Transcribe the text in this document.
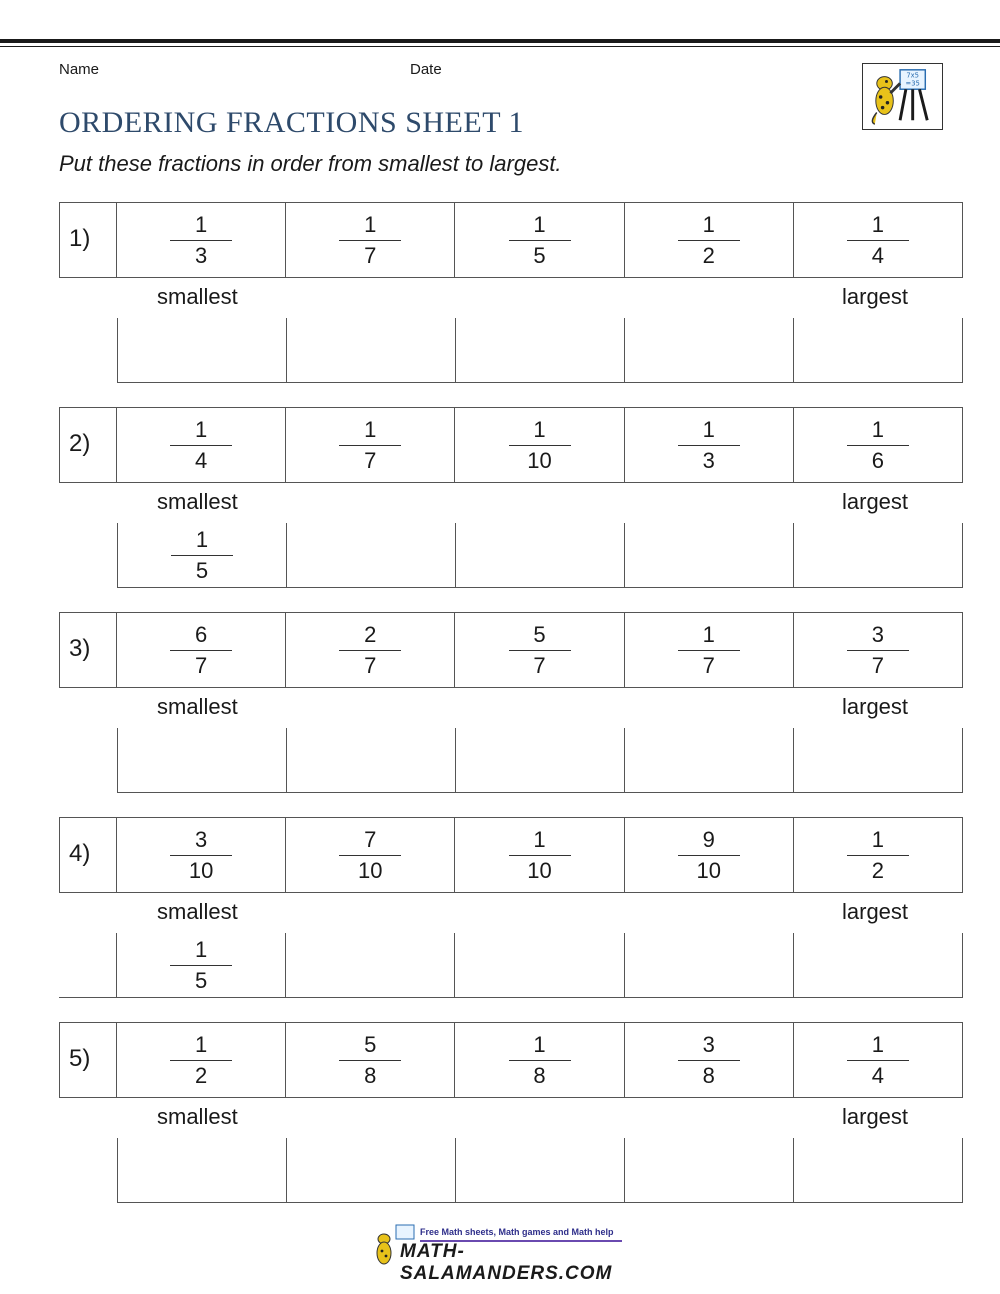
Name	Date
ORDERING FRACTIONS SHEET 1
Put these fractions in order from smallest to largest.
7x5
=35
1)	$\frac{1}{3}$	$\frac{1}{7}$	$\frac{1}{5}$	$\frac{1}{2}$	$\frac{1}{4}$
smallest	largest
2)	$\frac{1}{4}$	$\frac{1}{7}$	$\frac{1}{10}$	$\frac{1}{3}$	$\frac{1}{6}$
smallest	largest
$\frac{1}{5}$
3)	$\frac{6}{7}$	$\frac{2}{7}$	$\frac{5}{7}$	$\frac{1}{7}$	$\frac{3}{7}$
smallest	largest
4)	$\frac{3}{10}$	$\frac{7}{10}$	$\frac{1}{10}$	$\frac{9}{10}$	$\frac{1}{2}$
smallest	largest
$\frac{1}{5}$
5)	$\frac{1}{2}$	$\frac{5}{8}$	$\frac{1}{8}$	$\frac{3}{8}$	$\frac{1}{4}$
smallest	largest
Free Math sheets, Math games and Math help
MATH-SALAMANDERS.COM
